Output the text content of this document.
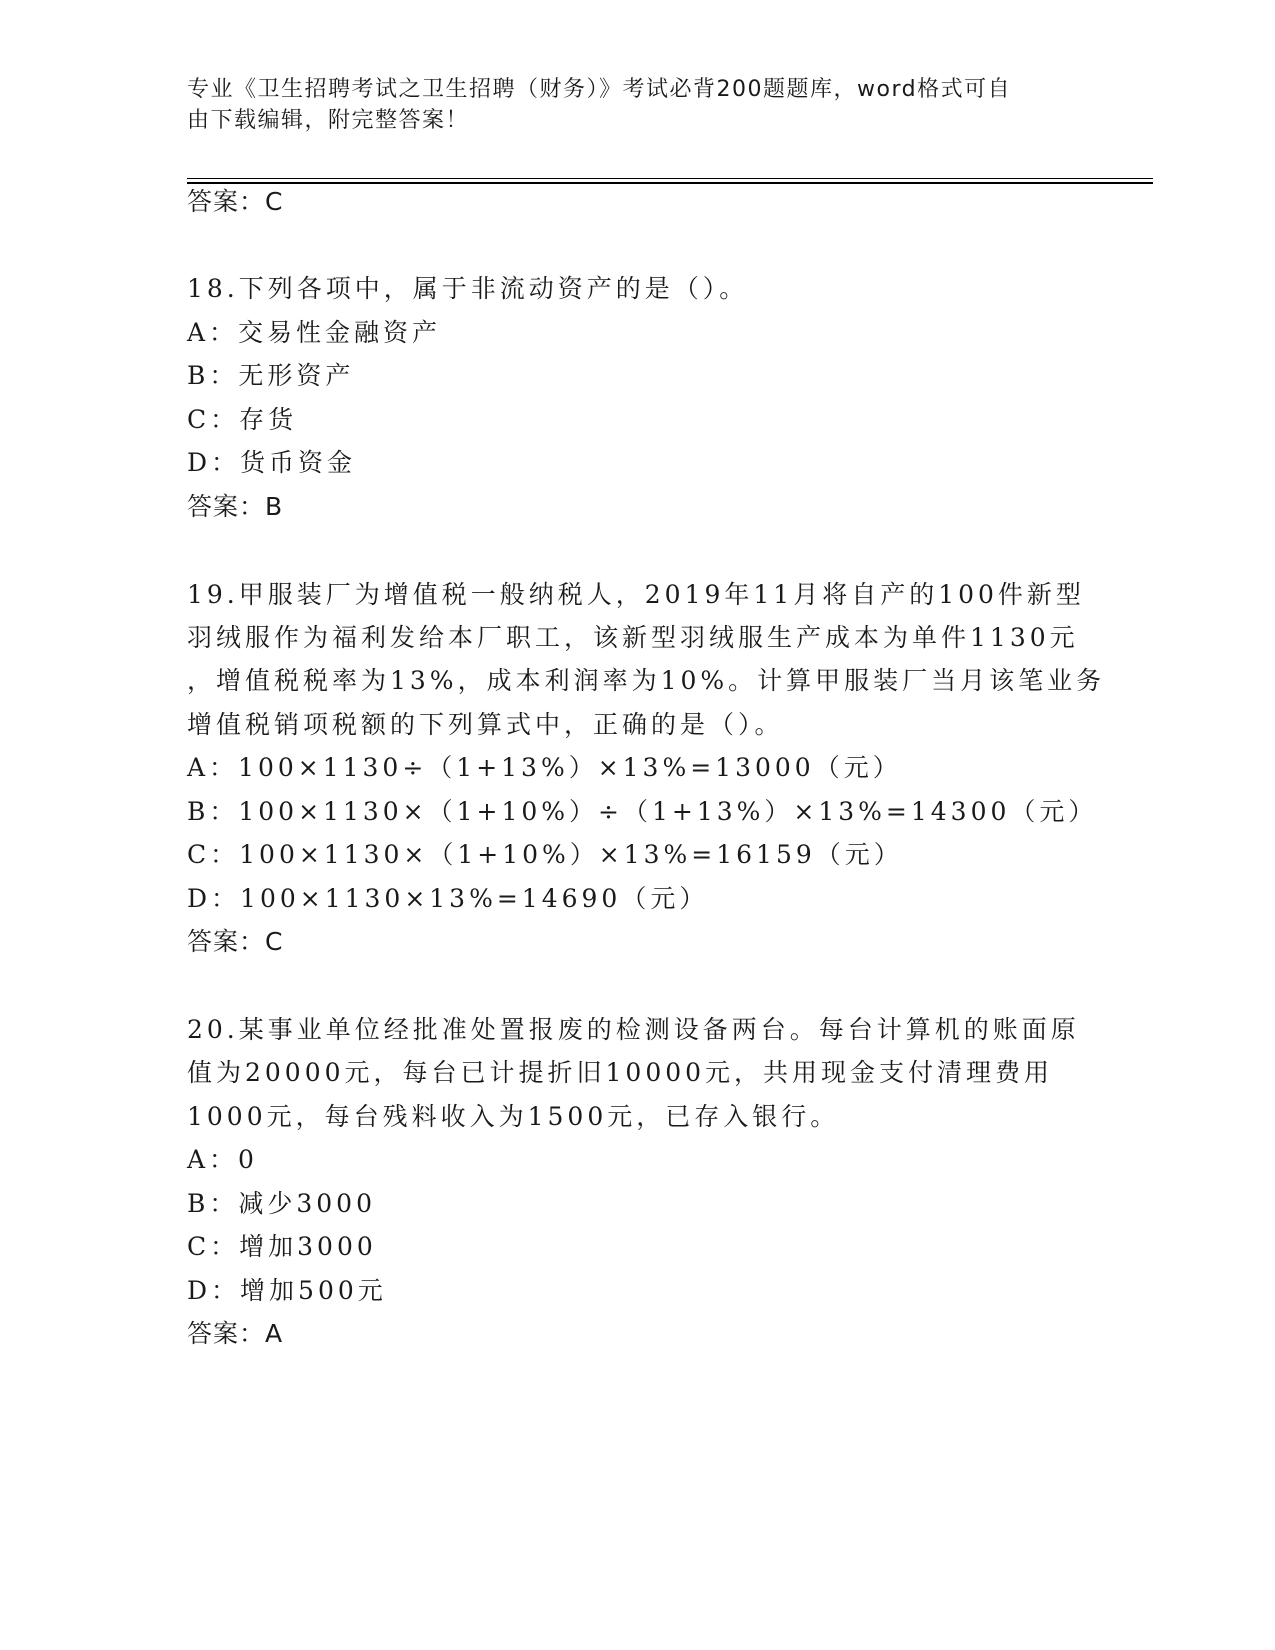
专业《卫生招聘考试之卫生招聘（财务）》考试必背200题题库，word格式可自
由下载编辑，附完整答案！
答案：C
18.下列各项中，属于非流动资产的是（）。
A：交易性金融资产
B：无形资产
C：存货
D：货币资金
答案：B
19.甲服装厂为增值税一般纳税人，2019年11月将自产的100件新型
羽绒服作为福利发给本厂职工，该新型羽绒服生产成本为单件1130元
，增值税税率为13%，成本利润率为10%。计算甲服装厂当月该笔业务
增值税销项税额的下列算式中，正确的是（）。
A：100×1130÷（1+13%）×13%=13000（元）
B：100×1130×（1+10%）÷（1+13%）×13%=14300（元）
C：100×1130×（1+10%）×13%=16159（元）
D：100×1130×13%=14690（元）
答案：C
20.某事业单位经批准处置报废的检测设备两台。每台计算机的账面原
值为20000元，每台已计提折旧10000元，共用现金支付清理费用
1000元，每台残料收入为1500元，已存入银行。
A：0
B：减少3000
C：增加3000
D：增加500元
答案：A
